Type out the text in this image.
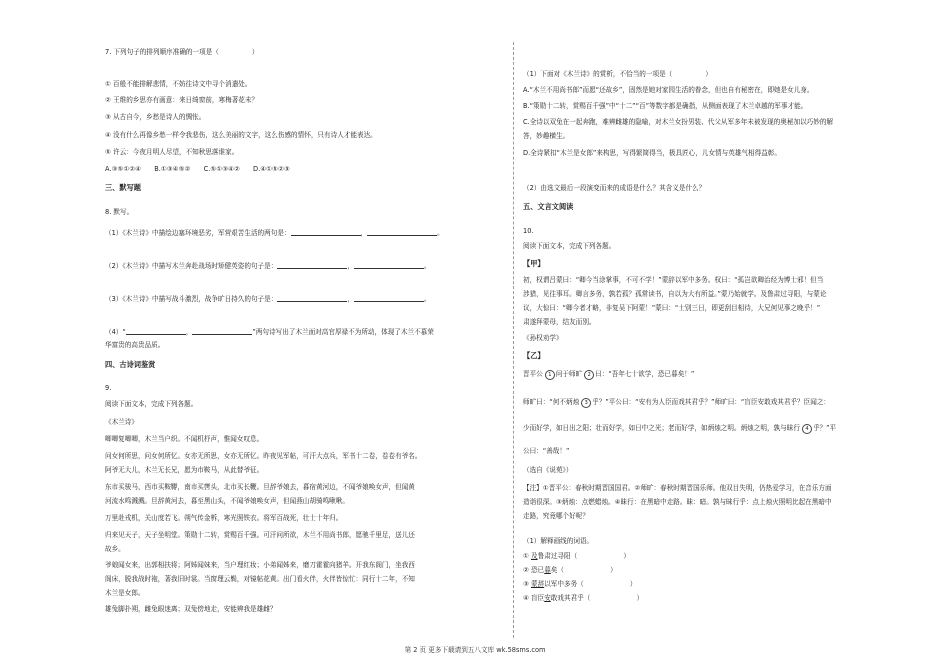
7. 下列句子的排列顺序准确的一项是（　　　　　）
① 百般不能排解悲情，不妨往诗文中寻个消遣处。
② 王维的乡思亦有画意：来日绮窗前，寒梅著花未？
③ 从古自今，乡愁是诗人的惆怅。
④ 没有什么再像乡愁一样令我悲伤，这么美丽的文字，这么伤感的情怀，只有诗人才能表达。
⑤ 许云：今夜月明人尽望，不知秋思落谁家。
A.③⑤①②④　　B.①③④⑤②　　C.⑤①③④②　　D.④①⑤②③
三、默写题
8. 默写。
（1）《木兰诗》中描绘边塞环境恶劣，军营艰苦生活的两句是：	，	。
（2）《木兰诗》中描写木兰奔赴战场时矫健英姿的句子是：	，	。
（3）《木兰诗》中描写战斗激烈，战争旷日持久的句子是：	，	。
（4）“	，	”两句诗写出了木兰面对高官厚禄不为所动，体现了木兰不慕荣
华富贵的高贵品质。
四、古诗词鉴赏
9.
阅读下面文本，完成下列各题。
《木兰诗》
唧唧复唧唧，木兰当户织。不闻机杼声，惟闻女叹息。
问女何所思，问女何所忆。女亦无所思，女亦无所忆。昨夜见军帖，可汗大点兵，军书十二卷，卷卷有爷名。
阿爷无大儿，木兰无长兄，愿为市鞍马，从此替爷征。
东市买骏马，西市买鞍鞯，南市买辔头，北市买长鞭。旦辞爷娘去，暮宿黄河边，不闻爷娘唤女声，但闻黄
河流水鸣溅溅。旦辞黄河去，暮至黑山头，不闻爷娘唤女声，但闻燕山胡骑鸣啾啾。
万里赴戎机，关山度若飞。朔气传金柝，寒光照铁衣。将军百战死，壮士十年归。
归来见天子，天子坐明堂。策勋十二转，赏赐百千强。可汗问所欲，木兰不用尚书郎，愿驰千里足，送儿还
故乡。
爷娘闻女来，出郭相扶将；阿姊闻妹来，当户理红妆；小弟闻姊来，磨刀霍霍向猪羊。开我东阁门，坐我西
阁床，脱我战时袍，著我旧时裳。当窗理云鬓，对镜帖花黄。出门看火伴，火伴皆惊忙：同行十二年，不知
木兰是女郎。
雄兔脚扑朔，雌兔眼迷离；双兔傍地走，安能辨我是雄雌？
（1）下面对《木兰诗》的赏析，不恰当的一项是（　　　　　）
A.“木兰不用尚书郎”而愿“还故乡”，固然是她对家园生活的眷念，但也自有秘密在，即她是女儿身。
B.“策勋十二转，赏赐百千强”中“十二”“百”等数字都是确指，从侧面表现了木兰卓越的军事才能。
C.全诗以双兔在一起奔跑，难辨雌雄的隐喻，对木兰女扮男装、代父从军多年未被发现的奥秘加以巧妙的解
答，妙趣横生。
D.全诗紧扣“木兰是女郎”来构思，写得繁简得当，极具匠心，儿女情与英雄气相得益彰。
（2）由选文最后一段演变而来的成语是什么？其含义是什么？
五、文言文阅读
10.
阅读下面文本，完成下列各题。
【甲】
初，权谓吕蒙曰：“卿今当涂掌事，不可不学！”蒙辞以军中多务。权曰：“孤岂欲卿治经为博士邪！但当
涉猎，见往事耳。卿言多务，孰若孤？孤常读书，自以为大有所益。”蒙乃始就学。及鲁肃过寻阳，与蒙论
议，大惊曰：“卿今者才略，非复吴下阿蒙！”蒙曰：“士别三日，即更刮目相待，大兄何见事之晚乎！”
肃遂拜蒙母，结友而别。
《孙权劝学》
【乙】
晋平公	1 问于师旷	2 曰：“吾年七十欲学，恐已暮矣！”
师旷曰：“何不炳烛	3 乎？”平公曰：“安有为人臣而戏其君乎？”师旷曰：“盲臣安敢戏其君乎？臣闻之：
少而好学，如日出之阳；壮而好学，如日中之光；老而好学，如炳烛之明。炳烛之明，孰与昧行	4 乎？”平
公曰：“善哉！”
（选自《说苑》）
【注】①晋平公：春秋时期晋国国君。②师旷：春秋时期晋国乐师。他双目失明，仍热爱学习，在音乐方面
造诣很深。③炳烛：点燃蜡烛。④昧行：在黑暗中走路。昧：暗。孰与昧行乎：点上烛火照明比起在黑暗中
走路，究竟哪个好呢？
（1）解释画线的词语。
① 及鲁肃过寻阳（　　　　　　　）
② 恐已暮矣（　　　　　　　）
③ 蒙辞以军中多务（　　　　　　　）
④ 盲臣安敢戏其君乎（　　　　　　　）
第 2 页 更多下载请到五八文库 wk.58sms.com
